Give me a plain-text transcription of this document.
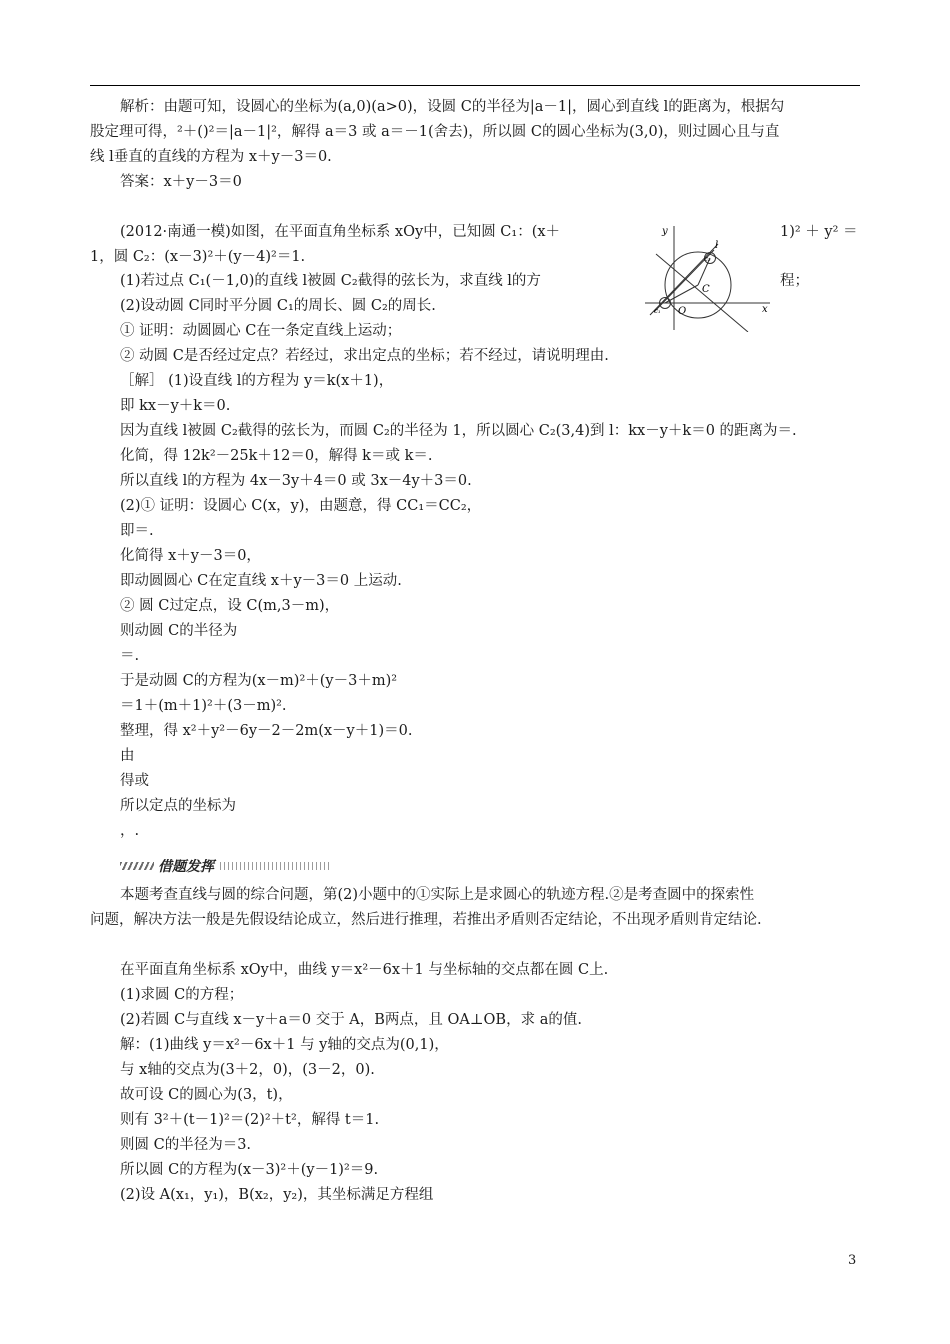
解析：由题可知，设圆心的坐标为(a,0)(a>0)，设圆 C的半径为|a－1|，圆心到直线 l的距离为，根据勾
股定理可得，²＋()²＝|a－1|²，解得 a＝3 或 a＝－1(舍去)，所以圆 C的圆心坐标为(3,0)，则过圆心且与直
线 l垂直的直线的方程为 x＋y－3＝0.
答案：x＋y－3＝0
(2012·南通一模)如图，在平面直角坐标系 xOy中，已知圆 C₁：(x＋	1)² ＋ y² ＝
1，圆 C₂：(x－3)²＋(y－4)²＝1.
(1)若过点 C₁(－1,0)的直线 l被圆 C₂截得的弦长为，求直线 l的方	程；
(2)设动圆 C同时平分圆 C₁的周长、圆 C₂的周长.
① 证明：动圆圆心 C在一条定直线上运动；
② 动圆 C是否经过定点？若经过，求出定点的坐标；若不经过，请说明理由.
y
x
O
C
l
c₂
c₁
［解］ (1)设直线 l的方程为 y＝k(x＋1)，
即 kx－y＋k＝0.
因为直线 l被圆 C₂截得的弦长为，而圆 C₂的半径为 1，所以圆心 C₂(3,4)到 l：kx－y＋k＝0 的距离为＝.
化简，得 12k²－25k＋12＝0，解得 k＝或 k＝.
所以直线 l的方程为 4x－3y＋4＝0 或 3x－4y＋3＝0.
(2)① 证明：设圆心 C(x，y)，由题意，得 CC₁＝CC₂，
即＝.
化简得 x＋y－3＝0，
即动圆圆心 C在定直线 x＋y－3＝0 上运动.
② 圆 C过定点，设 C(m,3－m)，
则动圆 C的半径为
＝.
于是动圆 C的方程为(x－m)²＋(y－3＋m)²
＝1＋(m＋1)²＋(3－m)².
整理，得 x²＋y²－6y－2－2m(x－y＋1)＝0.
由
得或
所以定点的坐标为
，.
借题发挥
本题考查直线与圆的综合问题，第(2)小题中的①实际上是求圆心的轨迹方程.②是考查圆中的探索性
问题，解决方法一般是先假设结论成立，然后进行推理，若推出矛盾则否定结论，不出现矛盾则肯定结论.
在平面直角坐标系 xOy中，曲线 y＝x²－6x＋1 与坐标轴的交点都在圆 C上.
(1)求圆 C的方程；
(2)若圆 C与直线 x－y＋a＝0 交于 A，B两点，且 OA⊥OB，求 a的值.
解：(1)曲线 y＝x²－6x＋1 与 y轴的交点为(0,1)，
与 x轴的交点为(3＋2，0)，(3－2，0).
故可设 C的圆心为(3，t)，
则有 3²＋(t－1)²＝(2)²＋t²，解得 t＝1.
则圆 C的半径为＝3.
所以圆 C的方程为(x－3)²＋(y－1)²＝9.
(2)设 A(x₁，y₁)，B(x₂，y₂)，其坐标满足方程组
3
